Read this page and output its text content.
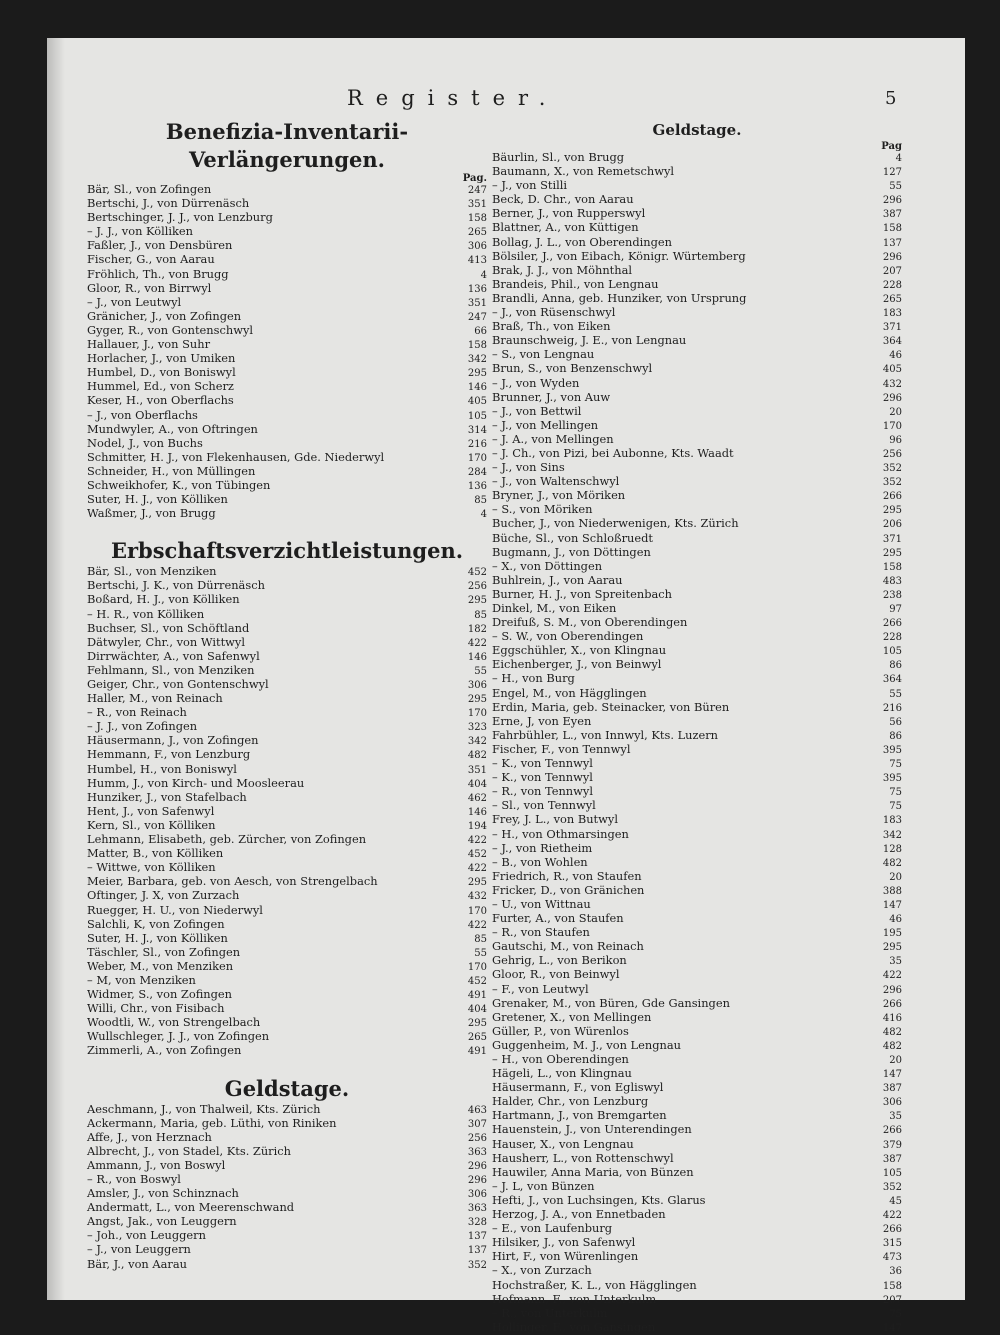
Register.	5
Benefizia-Inventarii-Verlängerungen.
Pag.
Bär, Sl., von Zofingen	247
Bertschi, J., von Dürrenäsch	351
Bertschinger, J. J., von Lenzburg	158
– J. J., von Kölliken	265
Faßler, J., von Densbüren	306
Fischer, G., von Aarau	413
Fröhlich, Th., von Brugg	4
Gloor, R., von Birrwyl	136
– J., von Leutwyl	351
Gränicher, J., von Zofingen	247
Gyger, R., von Gontenschwyl	66
Hallauer, J., von Suhr	158
Horlacher, J., von Umiken	342
Humbel, D., von Boniswyl	295
Hummel, Ed., von Scherz	146
Keser, H., von Oberflachs	405
– J., von Oberflachs	105
Mundwyler, A., von Oftringen	314
Nodel, J., von Buchs	216
Schmitter, H. J., von Flekenhausen, Gde. Niederwyl	170
Schneider, H., von Müllingen	284
Schweikhofer, K., von Tübingen	136
Suter, H. J., von Kölliken	85
Waßmer, J., von Brugg	4
Erbschaftsverzichtleistungen.
Bär, Sl., von Menziken	452
Bertschi, J. K., von Dürrenäsch	256
Boßard, H. J., von Kölliken	295
– H. R., von Kölliken	85
Buchser, Sl., von Schöftland	182
Dätwyler, Chr., von Wittwyl	422
Dirrwächter, A., von Safenwyl	146
Fehlmann, Sl., von Menziken	55
Geiger, Chr., von Gontenschwyl	306
Haller, M., von Reinach	295
– R., von Reinach	170
– J. J., von Zofingen	323
Häusermann, J., von Zofingen	342
Hemmann, F., von Lenzburg	482
Humbel, H., von Boniswyl	351
Humm, J., von Kirch- und Moosleerau	404
Hunziker, J., von Stafelbach	462
Hent, J., von Safenwyl	146
Kern, Sl., von Kölliken	194
Lehmann, Elisabeth, geb. Zürcher, von Zofingen	422
Matter, B., von Kölliken	452
– Wittwe, von Kölliken	422
Meier, Barbara, geb. von Aesch, von Strengelbach	295
Oftinger, J. X, von Zurzach	432
Ruegger, H. U., von Niederwyl	170
Salchli, K, von Zofingen	422
Suter, H. J., von Kölliken	85
Täschler, Sl., von Zofingen	55
Weber, M., von Menziken	170
– M, von Menziken	452
Widmer, S., von Zofingen	491
Willi, Chr., von Fisibach	404
Woodtli, W., von Strengelbach	295
Wullschleger, J. J., von Zofingen	265
Zimmerli, A., von Zofingen	491
Geldstage.
Aeschmann, J., von Thalweil, Kts. Zürich	463
Ackermann, Maria, geb. Lüthi, von Riniken	307
Affe, J., von Herznach	256
Albrecht, J., von Stadel, Kts. Zürich	363
Ammann, J., von Boswyl	296
– R., von Boswyl	296
Amsler, J., von Schinznach	306
Andermatt, L., von Meerenschwand	363
Angst, Jak., von Leuggern	328
– Joh., von Leuggern	137
– J., von Leuggern	137
Bär, J., von Aarau	352
Geldstage.
Pag
Bäurlin, Sl., von Brugg	4
Baumann, X., von Remetschwyl	127
– J., von Stilli	55
Beck, D. Chr., von Aarau	296
Berner, J., von Rupperswyl	387
Blattner, A., von Küttigen	158
Bollag, J. L., von Oberendingen	137
Bölsiler, J., von Eibach, Königr. Würtemberg	296
Brak, J. J., von Möhnthal	207
Brandeis, Phil., von Lengnau	228
Brandli, Anna, geb. Hunziker, von Ursprung	265
– J., von Rüsenschwyl	183
Braß, Th., von Eiken	371
Braunschweig, J. E., von Lengnau	364
– S., von Lengnau	46
Brun, S., von Benzenschwyl	405
– J., von Wyden	432
Brunner, J., von Auw	296
– J., von Bettwil	20
– J., von Mellingen	170
– J. A., von Mellingen	96
– J. Ch., von Pizi, bei Aubonne, Kts. Waadt	256
– J., von Sins	352
– J., von Waltenschwyl	352
Bryner, J., von Möriken	266
– S., von Möriken	295
Bucher, J., von Niederwenigen, Kts. Zürich	206
Büche, Sl., von Schloßruedt	371
Bugmann, J., von Döttingen	295
– X., von Döttingen	158
Buhlrein, J., von Aarau	483
Burner, H. J., von Spreitenbach	238
Dinkel, M., von Eiken	97
Dreifuß, S. M., von Oberendingen	266
– S. W., von Oberendingen	228
Eggschühler, X., von Klingnau	105
Eichenberger, J., von Beinwyl	86
– H., von Burg	364
Engel, M., von Hägglingen	55
Erdin, Maria, geb. Steinacker, von Büren	216
Erne, J, von Eyen	56
Fahrbühler, L., von Innwyl, Kts. Luzern	86
Fischer, F., von Tennwyl	395
– K., von Tennwyl	75
– K., von Tennwyl	395
– R., von Tennwyl	75
– Sl., von Tennwyl	75
Frey, J. L., von Butwyl	183
– H., von Othmarsingen	342
– J., von Rietheim	128
– B., von Wohlen	482
Friedrich, R., von Staufen	20
Fricker, D., von Gränichen	388
– U., von Wittnau	147
Furter, A., von Staufen	46
– R., von Staufen	195
Gautschi, M., von Reinach	295
Gehrig, L., von Berikon	35
Gloor, R., von Beinwyl	422
– F., von Leutwyl	296
Grenaker, M., von Büren, Gde Gansingen	266
Gretener, X., von Mellingen	416
Güller, P., von Würenlos	482
Guggenheim, M. J., von Lengnau	482
– H., von Oberendingen	20
Hägeli, L., von Klingnau	147
Häusermann, F., von Egliswyl	387
Halder, Chr., von Lenzburg	306
Hartmann, J., von Bremgarten	35
Hauenstein, J., von Unterendingen	266
Hauser, X., von Lengnau	379
Hausherr, L., von Rottenschwyl	387
Hauwiler, Anna Maria, von Bünzen	105
– J. L, von Bünzen	352
Hefti, J., von Luchsingen, Kts. Glarus	45
Herzog, J. A., von Ennetbaden	422
– E., von Laufenburg	266
Hilsiker, J., von Safenwyl	315
Hirt, F., von Würenlingen	473
– X., von Zurzach	36
Hochstraßer, K. L., von Hägglingen	158
Hofmann, F., von Unterkulm	207
– R., von Unterkulm	75
Hollinger, F., von Gansingen	147
